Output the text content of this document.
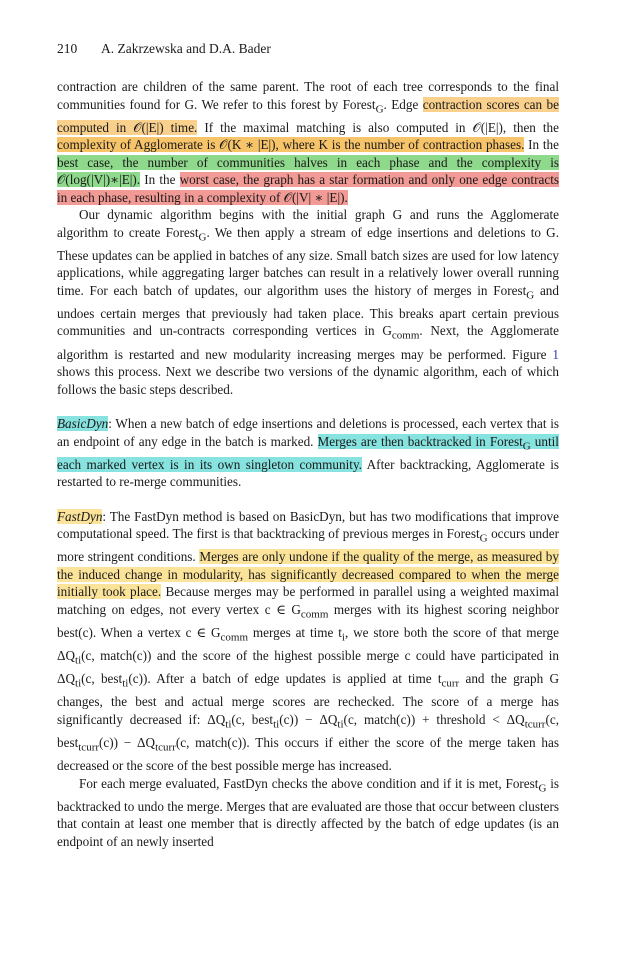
210 A. Zakrzewska and D.A. Bader

contraction are children of the same parent. The root of each tree corresponds to the final communities found for G. We refer to this forest by Forest$_G$. Edge contraction scores can be computed in 𝒪(|E|) time. If the maximal matching is also computed in 𝒪(|E|), then the complexity of Agglomerate is 𝒪(K ∗ |E|), where K is the number of contraction phases. In the best case, the number of communities halves in each phase and the complexity is 𝒪(log(|V|)∗|E|). In the worst case, the graph has a star formation and only one edge contracts in each phase, resulting in a complexity of 𝒪(|V| ∗ |E|).

Our dynamic algorithm begins with the initial graph G and runs the Agglomerate algorithm to create Forest$_G$. We then apply a stream of edge insertions and deletions to G. These updates can be applied in batches of any size. Small batch sizes are used for low latency applications, while aggregating larger batches can result in a relatively lower overall running time. For each batch of updates, our algorithm uses the history of merges in Forest$_G$ and undoes certain merges that previously had taken place. This breaks apart certain previous communities and un-contracts corresponding vertices in $G_{comm}$. Next, the Agglomerate algorithm is restarted and new modularity increasing merges may be performed. Figure 1 shows this process. Next we describe two versions of the dynamic algorithm, each of which follows the basic steps described.

BasicDyn: When a new batch of edge insertions and deletions is processed, each vertex that is an endpoint of any edge in the batch is marked. Merges are then backtracked in Forest$_G$ until each marked vertex is in its own singleton community. After backtracking, Agglomerate is restarted to re-merge communities.

FastDyn: The FastDyn method is based on BasicDyn, but has two modifications that improve computational speed. The first is that backtracking of previous merges in Forest$_G$ occurs under more stringent conditions. Merges are only undone if the quality of the merge, as measured by the induced change in modularity, has significantly decreased compared to when the merge initially took place. Because merges may be performed in parallel using a weighted maximal matching on edges, not every vertex c ∈ $G_{comm}$ merges with its highest scoring neighbor best(c). When a vertex c ∈ $G_{comm}$ merges at time $t_i$, we store both the score of that merge $\Delta Q_{ti}(c$, match(c)) and the score of the highest possible merge c could have participated in $\Delta Q_{ti}(c$, best$_{ti}$(c)). After a batch of edge updates is applied at time $t_{curr}$ and the graph G changes, the best and actual merge scores are rechecked. The score of a merge has significantly decreased if: $\Delta Q_{ti}(c$, best$_{ti}$(c)) − $\Delta Q_{ti}(c$, match(c)) + threshold < $\Delta Q_{tcurr}(c$, best$_{tcurr}$(c)) − $\Delta Q_{tcurr}(c$, match(c)). This occurs if either the score of the merge taken has decreased or the score of the best possible merge has increased.

For each merge evaluated, FastDyn checks the above condition and if it is met, Forest$_G$ is backtracked to undo the merge. Merges that are evaluated are those that occur between clusters that contain at least one member that is directly affected by the batch of edge updates (is an endpoint of an newly inserted
